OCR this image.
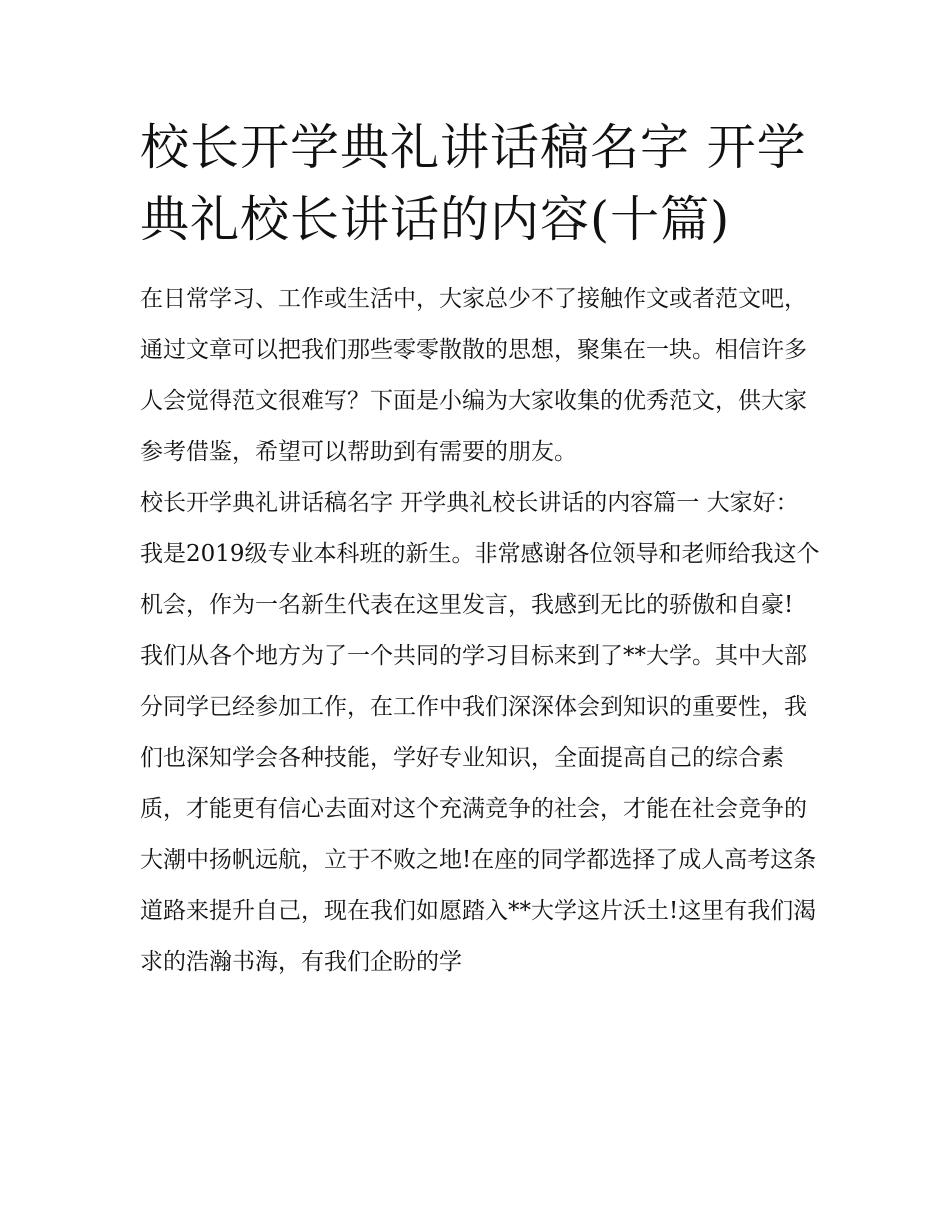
校长开学典礼讲话稿名字 开学典礼校长讲话的内容(十篇)

在日常学习、工作或生活中，大家总少不了接触作文或者范文吧，通过文章可以把我们那些零零散散的思想，聚集在一块。相信许多人会觉得范文很难写？下面是小编为大家收集的优秀范文，供大家参考借鉴，希望可以帮助到有需要的朋友。

校长开学典礼讲话稿名字 开学典礼校长讲话的内容篇一 大家好：

我是2019级专业本科班的新生。非常感谢各位领导和老师给我这个机会，作为一名新生代表在这里发言，我感到无比的骄傲和自豪!

我们从各个地方为了一个共同的学习目标来到了**大学。其中大部分同学已经参加工作，在工作中我们深深体会到知识的重要性，我们也深知学会各种技能，学好专业知识，全面提高自己的综合素质，才能更有信心去面对这个充满竞争的社会，才能在社会竞争的大潮中扬帆远航，立于不败之地!在座的同学都选择了成人高考这条道路来提升自己，现在我们如愿踏入**大学这片沃土!这里有我们渴求的浩瀚书海，有我们企盼的学
